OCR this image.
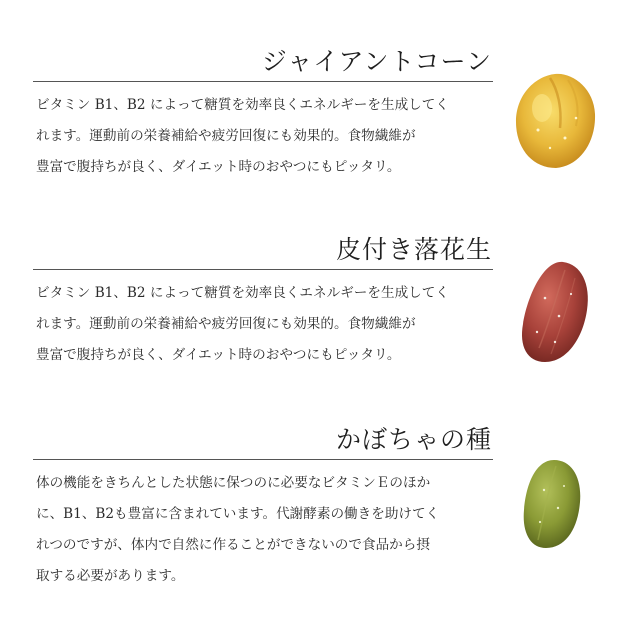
ジャイアントコーン
ビタミン B1、B2 によって糖質を効率良くエネルギーを生成してく
れます。運動前の栄養補給や疲労回復にも効果的。食物繊維が
豊富で腹持ちが良く、ダイエット時のおやつにもピッタリ。
皮付き落花生
ビタミン B1、B2 によって糖質を効率良くエネルギーを生成してく
れます。運動前の栄養補給や疲労回復にも効果的。食物繊維が
豊富で腹持ちが良く、ダイエット時のおやつにもピッタリ。
かぼちゃの種
体の機能をきちんとした状態に保つのに必要なビタミンＥのほか
に、B1、B2も豊富に含まれています。代謝酵素の働きを助けてく
れつのですが、体内で自然に作ることができないので食品から摂
取する必要があります。
